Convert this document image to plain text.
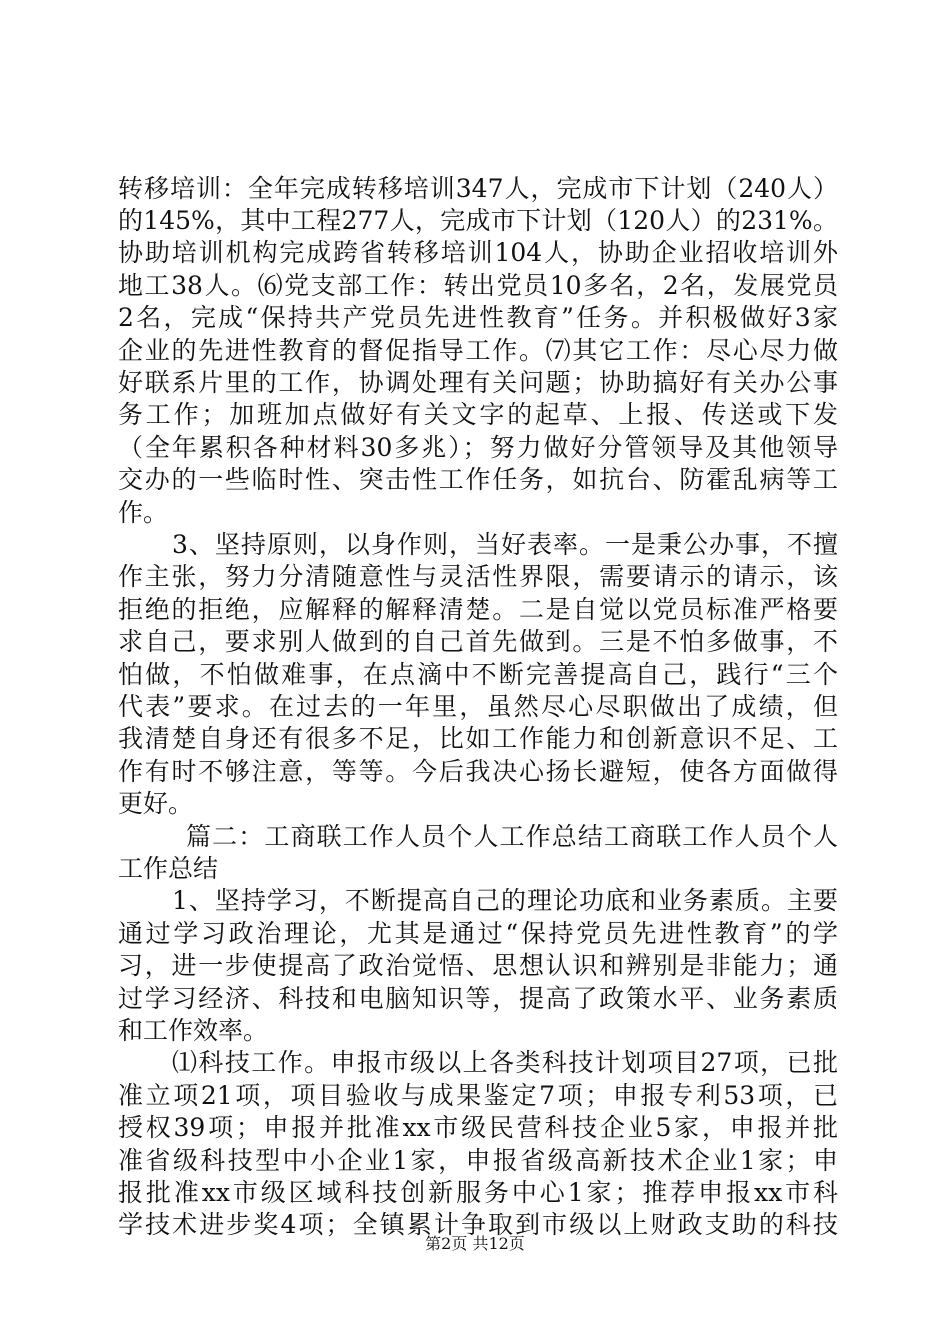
转移培训：全年完成转移培训347人，完成市下计划（240人）
的145%，其中工程277人，完成市下计划（120人）的231%。
协助培训机构完成跨省转移培训104人，协助企业招收培训外
地工38人。⑹党支部工作：转出党员10多名，2名，发展党员
2名，完成“保持共产党员先进性教育”任务。并积极做好3家
企业的先进性教育的督促指导工作。⑺其它工作：尽心尽力做
好联系片里的工作，协调处理有关问题；协助搞好有关办公事
务工作；加班加点做好有关文字的起草、上报、传送或下发
（全年累积各种材料30多兆）；努力做好分管领导及其他领导
交办的一些临时性、突击性工作任务，如抗台、防霍乱病等工
作。
3、坚持原则，以身作则，当好表率。一是秉公办事，不擅
作主张，努力分清随意性与灵活性界限，需要请示的请示，该
拒绝的拒绝，应解释的解释清楚。二是自觉以党员标准严格要
求自己，要求别人做到的自己首先做到。三是不怕多做事，不
怕做，不怕做难事，在点滴中不断完善提高自己，践行“三个
代表”要求。在过去的一年里，虽然尽心尽职做出了成绩，但
我清楚自身还有很多不足，比如工作能力和创新意识不足、工
作有时不够注意，等等。今后我决心扬长避短，使各方面做得
更好。
篇二：工商联工作人员个人工作总结工商联工作人员个人
工作总结
1、坚持学习，不断提高自己的理论功底和业务素质。主要
通过学习政治理论，尤其是通过“保持党员先进性教育”的学
习，进一步使提高了政治觉悟、思想认识和辨别是非能力；通
过学习经济、科技和电脑知识等，提高了政策水平、业务素质
和工作效率。
⑴科技工作。申报市级以上各类科技计划项目27项，已批
准立项21项，项目验收与成果鉴定7项；申报专利53项，已
授权39项；申报并批准xx市级民营科技企业5家，申报并批
准省级科技型中小企业1家，申报省级高新技术企业1家；申
报批准xx市级区域科技创新服务中心1家；推荐申报xx市科
学技术进步奖4项；全镇累计争取到市级以上财政支助的科技
第2页 共12页
